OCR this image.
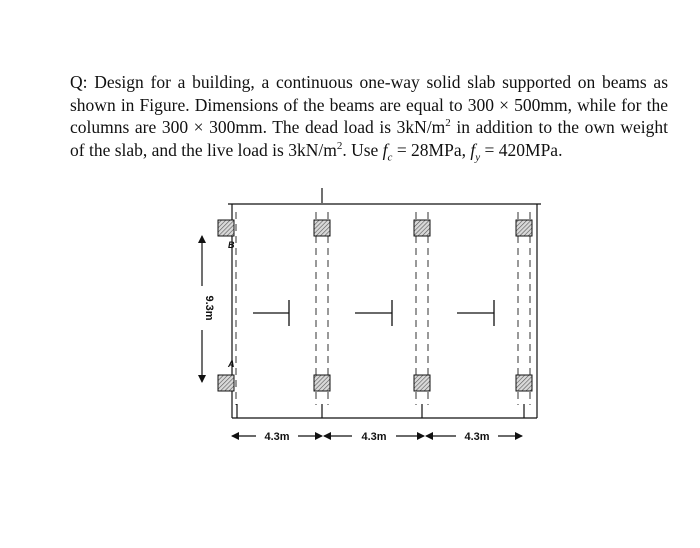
Q: Design for a building, a continuous one-way solid slab supported on beams as shown in Figure. Dimensions of the beams are equal to 300 × 500mm, while for the columns are 300 × 300mm. The dead load is $3kN/m^2$ in addition to the own weight of the slab, and the live load is $3kN/m^2$. Use $f_c = 28MPa$, $f_y = 420MPa$.

9.3m
4.3m	4.3m	4.3m
B
A
